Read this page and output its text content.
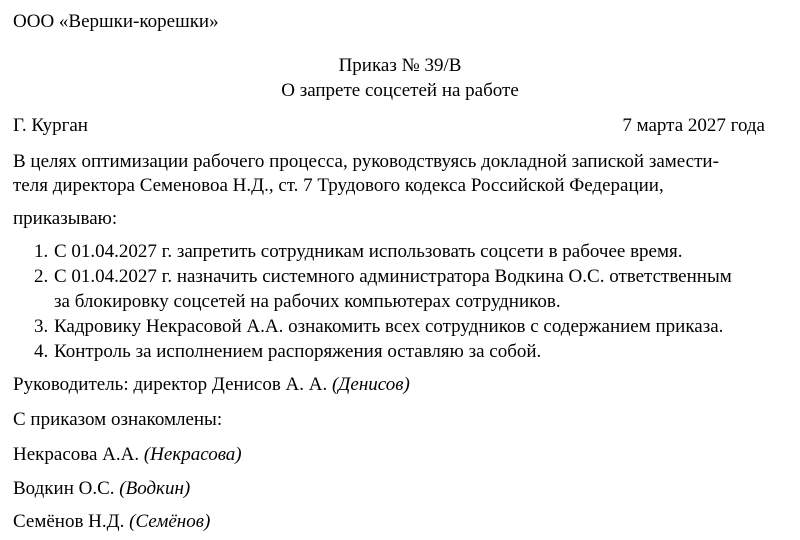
ООО «Вершки-корешки»
Приказ № 39/В
О запрете соцсетей на работе
Г. Курган	7 марта 2027 года
В целях оптимизации рабочего процесса, руководствуясь докладной запиской замести-
теля директора Семеновоа Н.Д., ст. 7 Трудового кодекса Российской Федерации,
приказываю:
1. С 01.04.2027 г. запретить сотрудникам использовать соцсети в рабочее время.
2. С 01.04.2027 г. назначить системного администратора Водкина О.С. ответственным
за блокировку соцсетей на рабочих компьютерах сотрудников.
3. Кадровику Некрасовой А.А. ознакомить всех сотрудников с содержанием приказа.
4. Контроль за исполнением распоряжения оставляю за собой.
Руководитель: директор Денисов А. А. (Денисов)
С приказом ознакомлены:
Некрасова А.А. (Некрасова)
Водкин О.С. (Водкин)
Семёнов Н.Д. (Семёнов)
